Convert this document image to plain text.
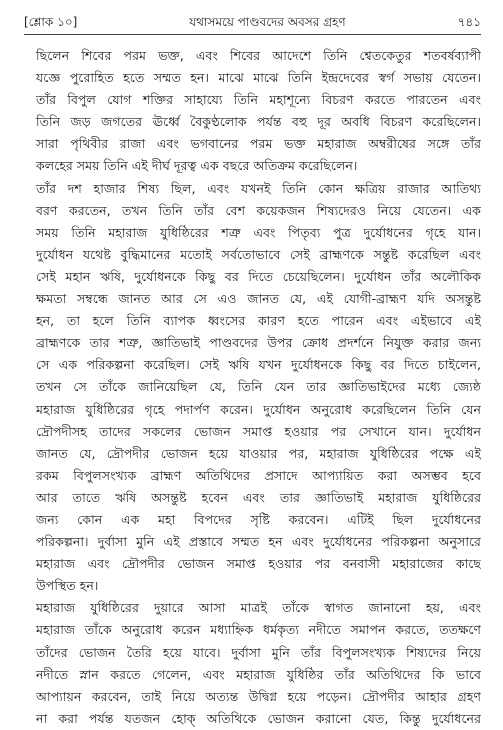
[শ্লোক ১০]	যথাসময়ে পাণ্ডবদের অবসর গ্রহণ	৭৪১

ছিলেন শিবের পরম ভক্ত, এবং শিবের আদেশে তিনি শ্বেতকেতুর শতবর্ষব্যাপী
যজ্ঞে পুরোহিত হতে সম্মত হন। মাঝে মাঝে তিনি ইন্দ্রদেবের স্বর্গ সভায় যেতেন।
তাঁর বিপুল যোগ শক্তির সাহায্যে তিনি মহাশূন্যে বিচরণ করতে পারতেন এবং
তিনি জড় জগতের ঊর্ধ্বে বৈকুণ্ঠলোক পর্যন্ত বহু দূর অবধি বিচরণ করেছিলেন।
সারা পৃথিবীর রাজা এবং ভগবানের পরম ভক্ত মহারাজ অম্বরীষের সঙ্গে তাঁর
কলহের সময় তিনি এই দীর্ঘ দূরত্ব এক বছরে অতিক্রম করেছিলেন।

তাঁর দশ হাজার শিষ্য ছিল, এবং যখনই তিনি কোন ক্ষত্রিয় রাজার আতিথ্য
বরণ করতেন, তখন তিনি তাঁর বেশ কয়েকজন শিষ্যদেরও নিয়ে যেতেন। এক
সময় তিনি মহারাজ যুধিষ্ঠিরের শত্রু এবং পিতৃব্য পুত্র দুর্যোধনের গৃহে যান।
দুর্যোধন যথেষ্ট বুদ্ধিমানের মতোই সর্বতোভাবে সেই ব্রাহ্মণকে সন্তুষ্ট করেছিল এবং
সেই মহান ঋষি, দুর্যোধনকে কিছু বর দিতে চেয়েছিলেন। দুর্যোধন তাঁর অলৌকিক
ক্ষমতা সম্বন্ধে জানত আর সে এও জানত যে, এই যোগী-ব্রাহ্মণ যদি অসন্তুষ্ট
হন, তা হলে তিনি ব্যাপক ধ্বংসের কারণ হতে পারেন এবং এইভাবে এই
ব্রাহ্মণকে তার শত্রু, জ্ঞাতিভাই পাণ্ডবদের উপর ক্রোধ প্রদর্শনে নিযুক্ত করার জন্য
সে এক পরিকল্পনা করেছিল। সেই ঋষি যখন দুর্যোধনকে কিছু বর দিতে চাইলেন,
তখন সে তাঁকে জানিয়েছিল যে, তিনি যেন তার জ্ঞাতিভাইদের মধ্যে জ্যেষ্ঠ
মহারাজ যুধিষ্ঠিরের গৃহে পদার্পণ করেন। দুর্যোধন অনুরোধ করেছিলেন তিনি যেন
দ্রৌপদীসহ তাদের সকলের ভোজন সমাপ্ত হওয়ার পর সেখানে যান। দুর্যোধন
জানত যে, দ্রৌপদীর ভোজন হয়ে যাওয়ার পর, মহারাজ যুধিষ্ঠিরের পক্ষে এই
রকম বিপুলসংখ্যক ব্রাহ্মণ অতিথিদের প্রসাদে আপ্যায়িত করা অসম্ভব হবে
আর তাতে ঋষি অসন্তুষ্ট হবেন এবং তার জ্ঞাতিভাই মহারাজ যুধিষ্ঠিরের
জন্য কোন এক মহা বিপদের সৃষ্টি করবেন। এটিই ছিল দুর্যোধনের
পরিকল্পনা। দুর্বাসা মুনি এই প্রস্তাবে সম্মত হন এবং দুর্যোধনের পরিকল্পনা অনুসারে
মহারাজ এবং দ্রৌপদীর ভোজন সমাপ্ত হওয়ার পর বনবাসী মহারাজের কাছে
উপস্থিত হন।

মহারাজ যুধিষ্ঠিরের দুয়ারে আসা মাত্রই তাঁকে স্বাগত জানানো হয়, এবং
মহারাজ তাঁকে অনুরোধ করেন মধ্যাহ্নিক ধর্মকৃত্য নদীতে সমাপন করতে, ততক্ষণে
তাঁদের ভোজন তৈরি হয়ে যাবে। দুর্বাসা মুনি তাঁর বিপুলসংখ্যক শিষ্যদের নিয়ে
নদীতে স্নান করতে গেলেন, এবং মহারাজ যুধিষ্ঠির তাঁর অতিথিদের কি ভাবে
আপ্যায়ন করবেন, তাই নিয়ে অত্যন্ত উদ্বিগ্ন হয়ে পড়েন। দ্রৌপদীর আহার গ্রহণ
না করা পর্যন্ত যতজন হোক্ অতিথিকে ভোজন করানো যেত, কিন্তু দুর্যোধনের
